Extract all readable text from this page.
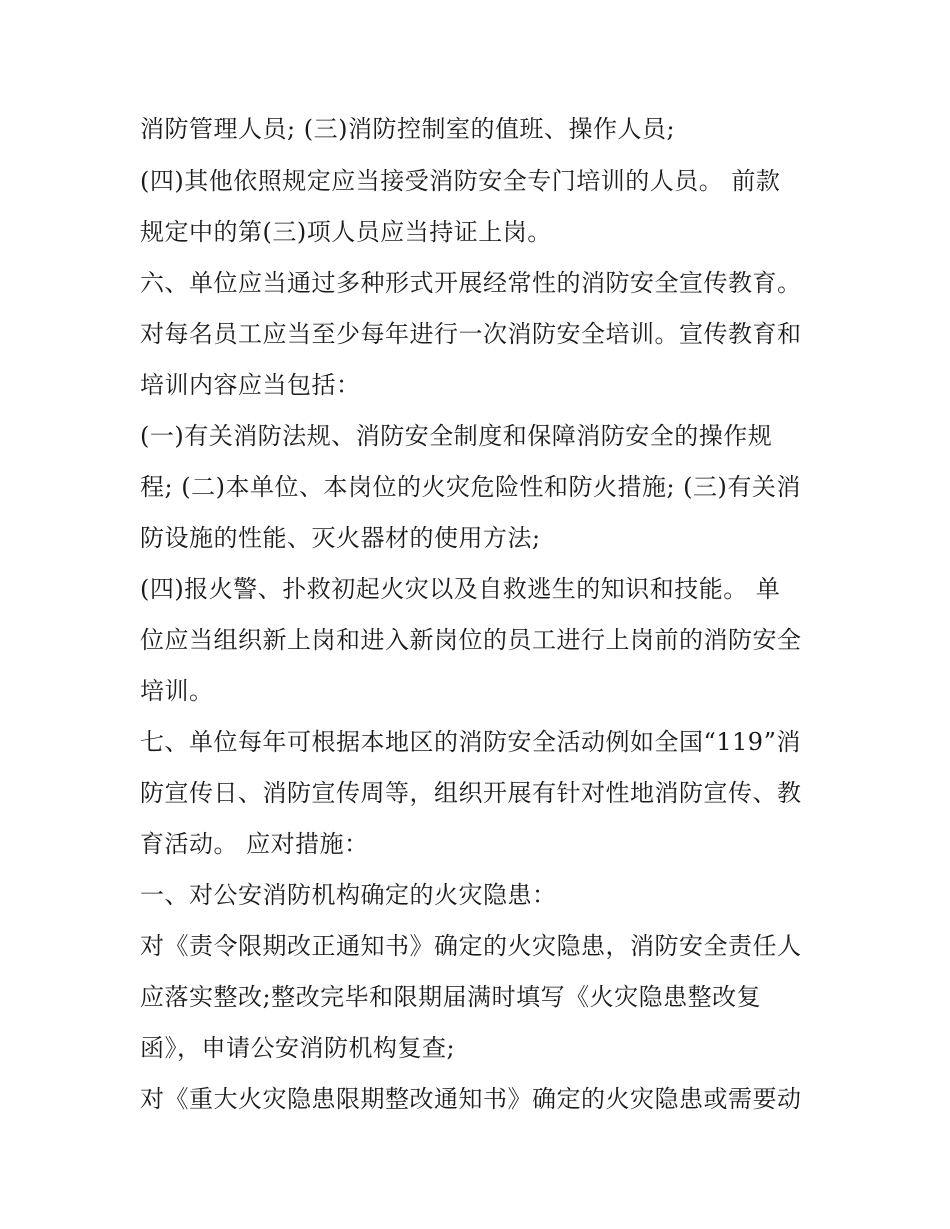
消防管理人员; (三)消防控制室的值班、操作人员;

(四)其他依照规定应当接受消防安全专门培训的人员。 前款

规定中的第(三)项人员应当持证上岗。

六、单位应当通过多种形式开展经常性的消防安全宣传教育。

对每名员工应当至少每年进行一次消防安全培训。宣传教育和

培训内容应当包括：

(一)有关消防法规、消防安全制度和保障消防安全的操作规

程; (二)本单位、本岗位的火灾危险性和防火措施; (三)有关消

防设施的性能、灭火器材的使用方法;

(四)报火警、扑救初起火灾以及自救逃生的知识和技能。 单

位应当组织新上岗和进入新岗位的员工进行上岗前的消防安全

培训。

七、单位每年可根据本地区的消防安全活动例如全国“119”消

防宣传日、消防宣传周等，组织开展有针对性地消防宣传、教

育活动。 应对措施：

一、对公安消防机构确定的火灾隐患：

对《责令限期改正通知书》确定的火灾隐患，消防安全责任人

应落实整改;整改完毕和限期届满时填写《火灾隐患整改复

函》，申请公安消防机构复查;

对《重大火灾隐患限期整改通知书》确定的火灾隐患或需要动
